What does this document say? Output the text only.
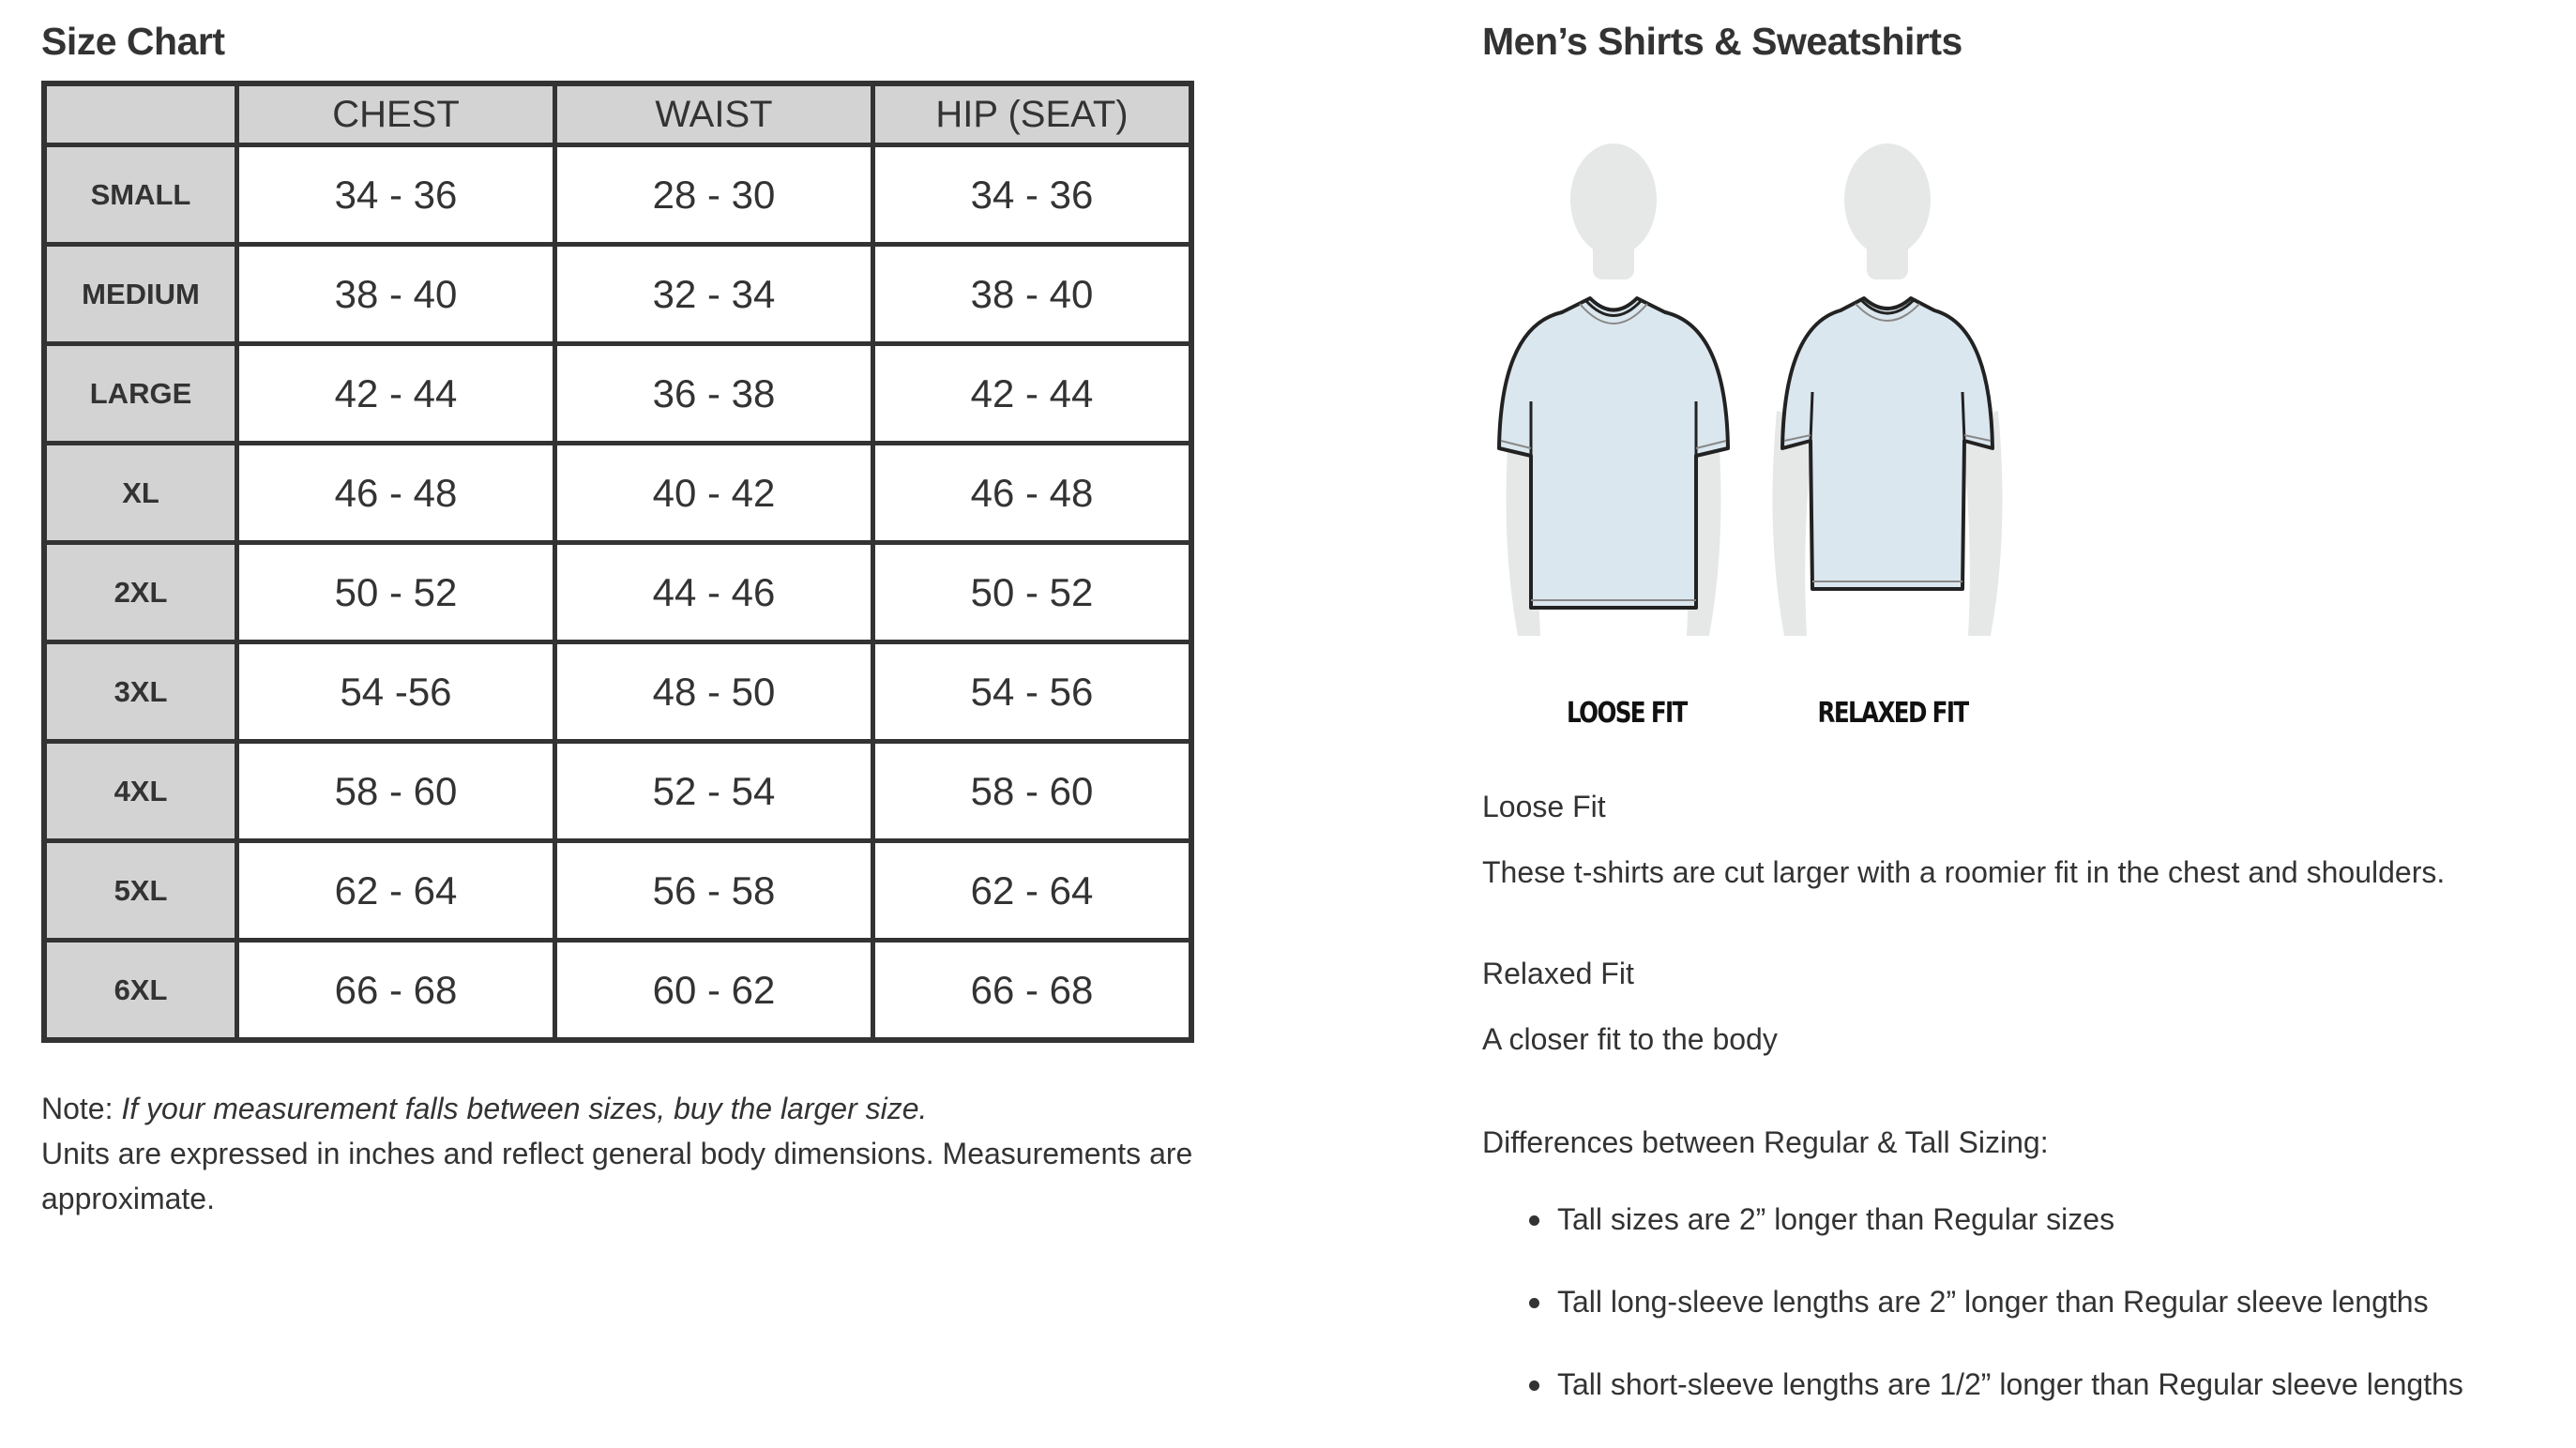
Size Chart
	CHEST	WAIST	HIP (SEAT)
SMALL	34 - 36	28 - 30	34 - 36
MEDIUM	38 - 40	32 - 34	38 - 40
LARGE	42 - 44	36 - 38	42 - 44
XL	46 - 48	40 - 42	46 - 48
2XL	50 - 52	44 - 46	50 - 52
3XL	54 -56	48 - 50	54 - 56
4XL	58 - 60	52 - 54	58 - 60
5XL	62 - 64	56 - 58	62 - 64
6XL	66 - 68	60 - 62	66 - 68
Note: If your measurement falls between sizes, buy the larger size.
Units are expressed in inches and reflect general body dimensions. Measurements are approximate.
Men’s Shirts & Sweatshirts
LOOSE FIT	RELAXED FIT
Loose Fit
These t-shirts are cut larger with a roomier fit in the chest and shoulders.
Relaxed Fit
A closer fit to the body
Differences between Regular & Tall Sizing:
Tall sizes are 2” longer than Regular sizes
Tall long-sleeve lengths are 2” longer than Regular sleeve lengths
Tall short-sleeve lengths are 1/2” longer than Regular sleeve lengths
